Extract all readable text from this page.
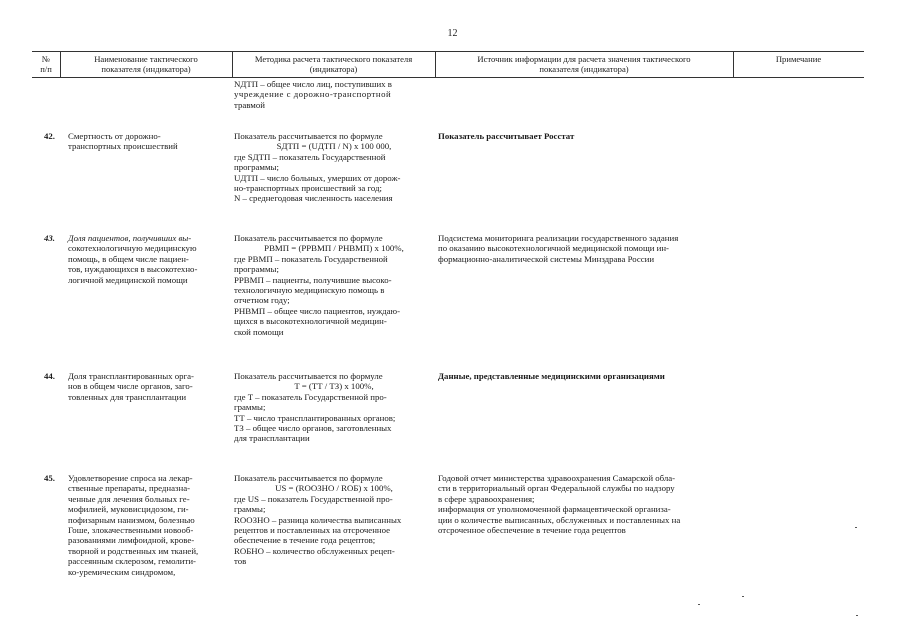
12
№
п/п
Наименование тактического
показателя (индикатора)
Методика расчета тактического показателя
(индикатора)
Источник информации для расчета значения тактического
показателя (индикатора)
Примечание
NДТП – общее число лиц, поступивших в
учреждение с дорожно-транспортной
травмой
42. Смертность от дорожно-
транспортных происшествий
Показатель рассчитывается по формуле
SДТП = (UДТП / N) x 100 000,
где SДТП – показатель Государственной
программы;
UДТП – число больных, умерших от дорож-
но-транспортных происшествий за год;
N – среднегодовая численность населения
Показатель рассчитывает Росстат
43. Доля пациентов, получивших вы-
сокотехнологичную медицинскую
помощь, в общем числе пациен-
тов, нуждающихся в высокотехно-
логичной медицинской помощи
Показатель рассчитывается по формуле
PВМП = (PPВМП / PНВМП) x 100%,
где PВМП – показатель Государственной
программы;
PPВМП – пациенты, получившие высоко-
технологичную медицинскую помощь в
отчетном году;
PНВМП – общее число пациентов, нуждаю-
щихся в высокотехнологичной медицин-
ской помощи
Подсистема мониторинга реализации государственного задания
по оказанию высокотехнологичной медицинской помощи ин-
формационно-аналитической системы Минздрава России
44. Доля трансплантированных орга-
нов в общем числе органов, заго-
товленных для трансплантации
Показатель рассчитывается по формуле
T = (TТ / TЗ) x 100%,
где T – показатель Государственной про-
граммы;
TТ – число трансплантированных органов;
TЗ – общее число органов, заготовленных
для трансплантации
Данные, представленные медицинскими организациями
45. Удовлетворение спроса на лекар-
ственные препараты, предназна-
ченные для лечения больных ге-
мофилией, муковисцидозом, ги-
пофизарным нанизмом, болезнью
Гоше, злокачественными новооб-
разованиями лимфоидной, крове-
творной и родственных им тканей,
рассеянным склерозом, гемолити-
ко-уремическим синдромом,
Показатель рассчитывается по формуле
US = (RООЗНО / RОБ) x 100%,
где US – показатель Государственной про-
граммы;
RООЗНО – разница количества выписанных
рецептов и поставленных на отсроченное
обеспечение в течение года рецептов;
RОБНО – количество обслуженных рецеп-
тов
Годовой отчет министерства здравоохранения Самарской обла-
сти в территориальный орган Федеральной службы по надзору
в сфере здравоохранения;
информация от уполномоченной фармацевтической организа-
ции о количестве выписанных, обслуженных и поставленных на
отсроченное обеспечение в течение года рецептов
